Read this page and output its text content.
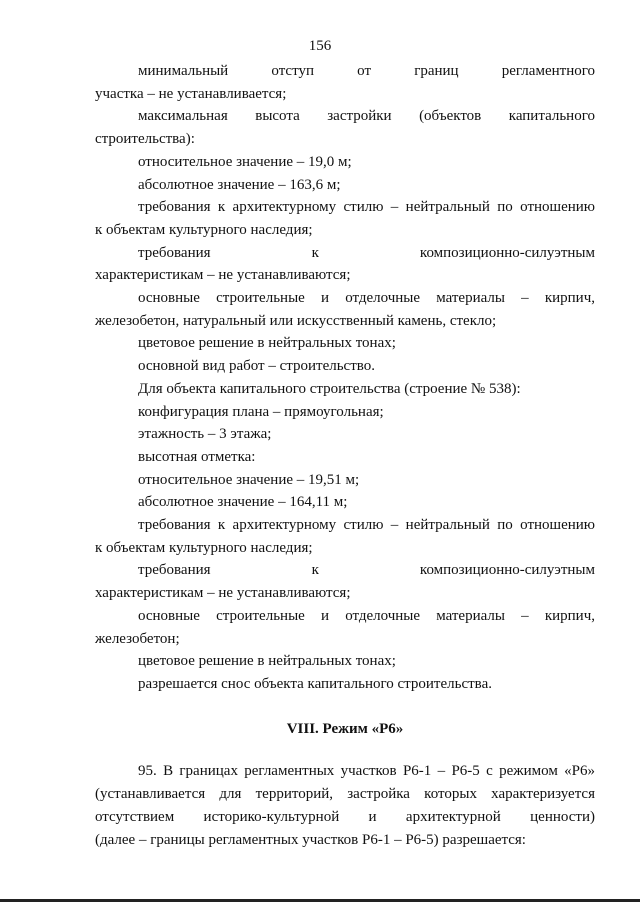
156
минимальный отступ от границ регламентного
участка – не устанавливается;
максимальная высота застройки (объектов капитального
строительства):
относительное значение – 19,0 м;
абсолютное значение – 163,6 м;
требования к архитектурному стилю – нейтральный по отношению
к объектам культурного наследия;
требования к композиционно-силуэтным
характеристикам – не устанавливаются;
основные строительные и отделочные материалы – кирпич,
железобетон, натуральный или искусственный камень, стекло;
цветовое решение в нейтральных тонах;
основной вид работ – строительство.
Для объекта капитального строительства (строение № 538):
конфигурация плана – прямоугольная;
этажность – 3 этажа;
высотная отметка:
относительное значение – 19,51 м;
абсолютное значение – 164,11 м;
требования к архитектурному стилю – нейтральный по отношению
к объектам культурного наследия;
требования к композиционно-силуэтным
характеристикам – не устанавливаются;
основные строительные и отделочные материалы – кирпич,
железобетон;
цветовое решение в нейтральных тонах;
разрешается снос объекта капитального строительства.
VIII. Режим «Р6»
95. В границах регламентных участков Р6-1 – Р6-5 с режимом «Р6»
(устанавливается для территорий, застройка которых характеризуется
отсутствием историко-культурной и архитектурной ценности)
(далее – границы регламентных участков Р6-1 – Р6-5) разрешается:
